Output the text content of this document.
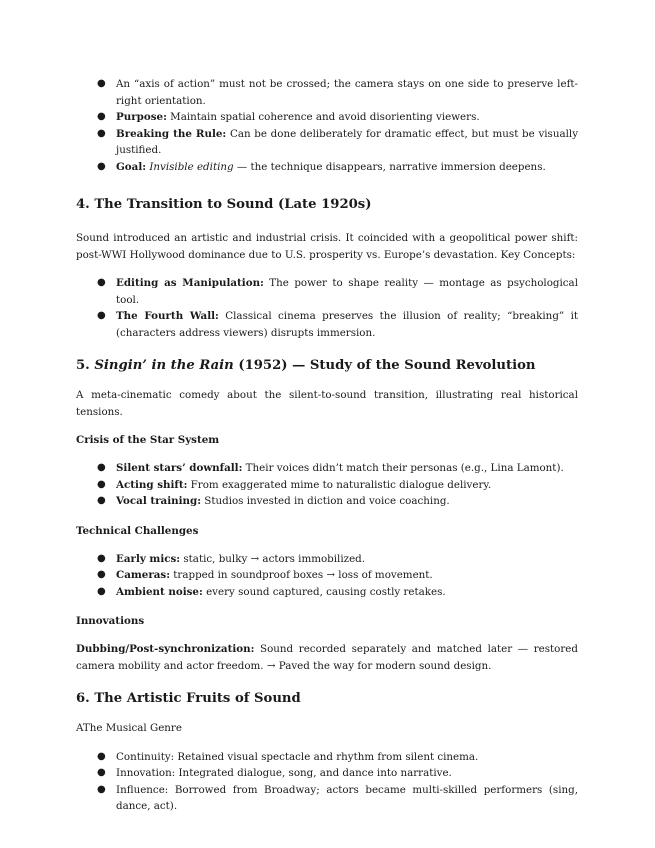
● An “axis of action” must not be crossed; the camera stays on one side to preserve left-right orientation.
● Purpose: Maintain spatial coherence and avoid disorienting viewers.
● Breaking the Rule: Can be done deliberately for dramatic effect, but must be visually justified.
● Goal: Invisible editing — the technique disappears, narrative immersion deepens.
4. The Transition to Sound (Late 1920s)

Sound introduced an artistic and industrial crisis. It coincided with a geopolitical power shift: post-WWI Hollywood dominance due to U.S. prosperity vs. Europe’s devastation. Key Concepts:

● Editing as Manipulation: The power to shape reality — montage as psychological tool.
● The Fourth Wall: Classical cinema preserves the illusion of reality; “breaking” it (characters address viewers) disrupts immersion.
5. Singin’ in the Rain (1952) — Study of the Sound Revolution

A meta-cinematic comedy about the silent-to-sound transition, illustrating real historical tensions.

Crisis of the Star System
● Silent stars’ downfall: Their voices didn’t match their personas (e.g., Lina Lamont).
● Acting shift: From exaggerated mime to naturalistic dialogue delivery.
● Vocal training: Studios invested in diction and voice coaching.
Technical Challenges
● Early mics: static, bulky → actors immobilized.
● Cameras: trapped in soundproof boxes → loss of movement.
● Ambient noise: every sound captured, causing costly retakes.
Innovations

Dubbing/Post-synchronization: Sound recorded separately and matched later — restored camera mobility and actor freedom. → Paved the way for modern sound design.

6. The Artistic Fruits of Sound

AThe Musical Genre

● Continuity: Retained visual spectacle and rhythm from silent cinema.
● Innovation: Integrated dialogue, song, and dance into narrative.
● Influence: Borrowed from Broadway; actors became multi-skilled performers (sing, dance, act).
